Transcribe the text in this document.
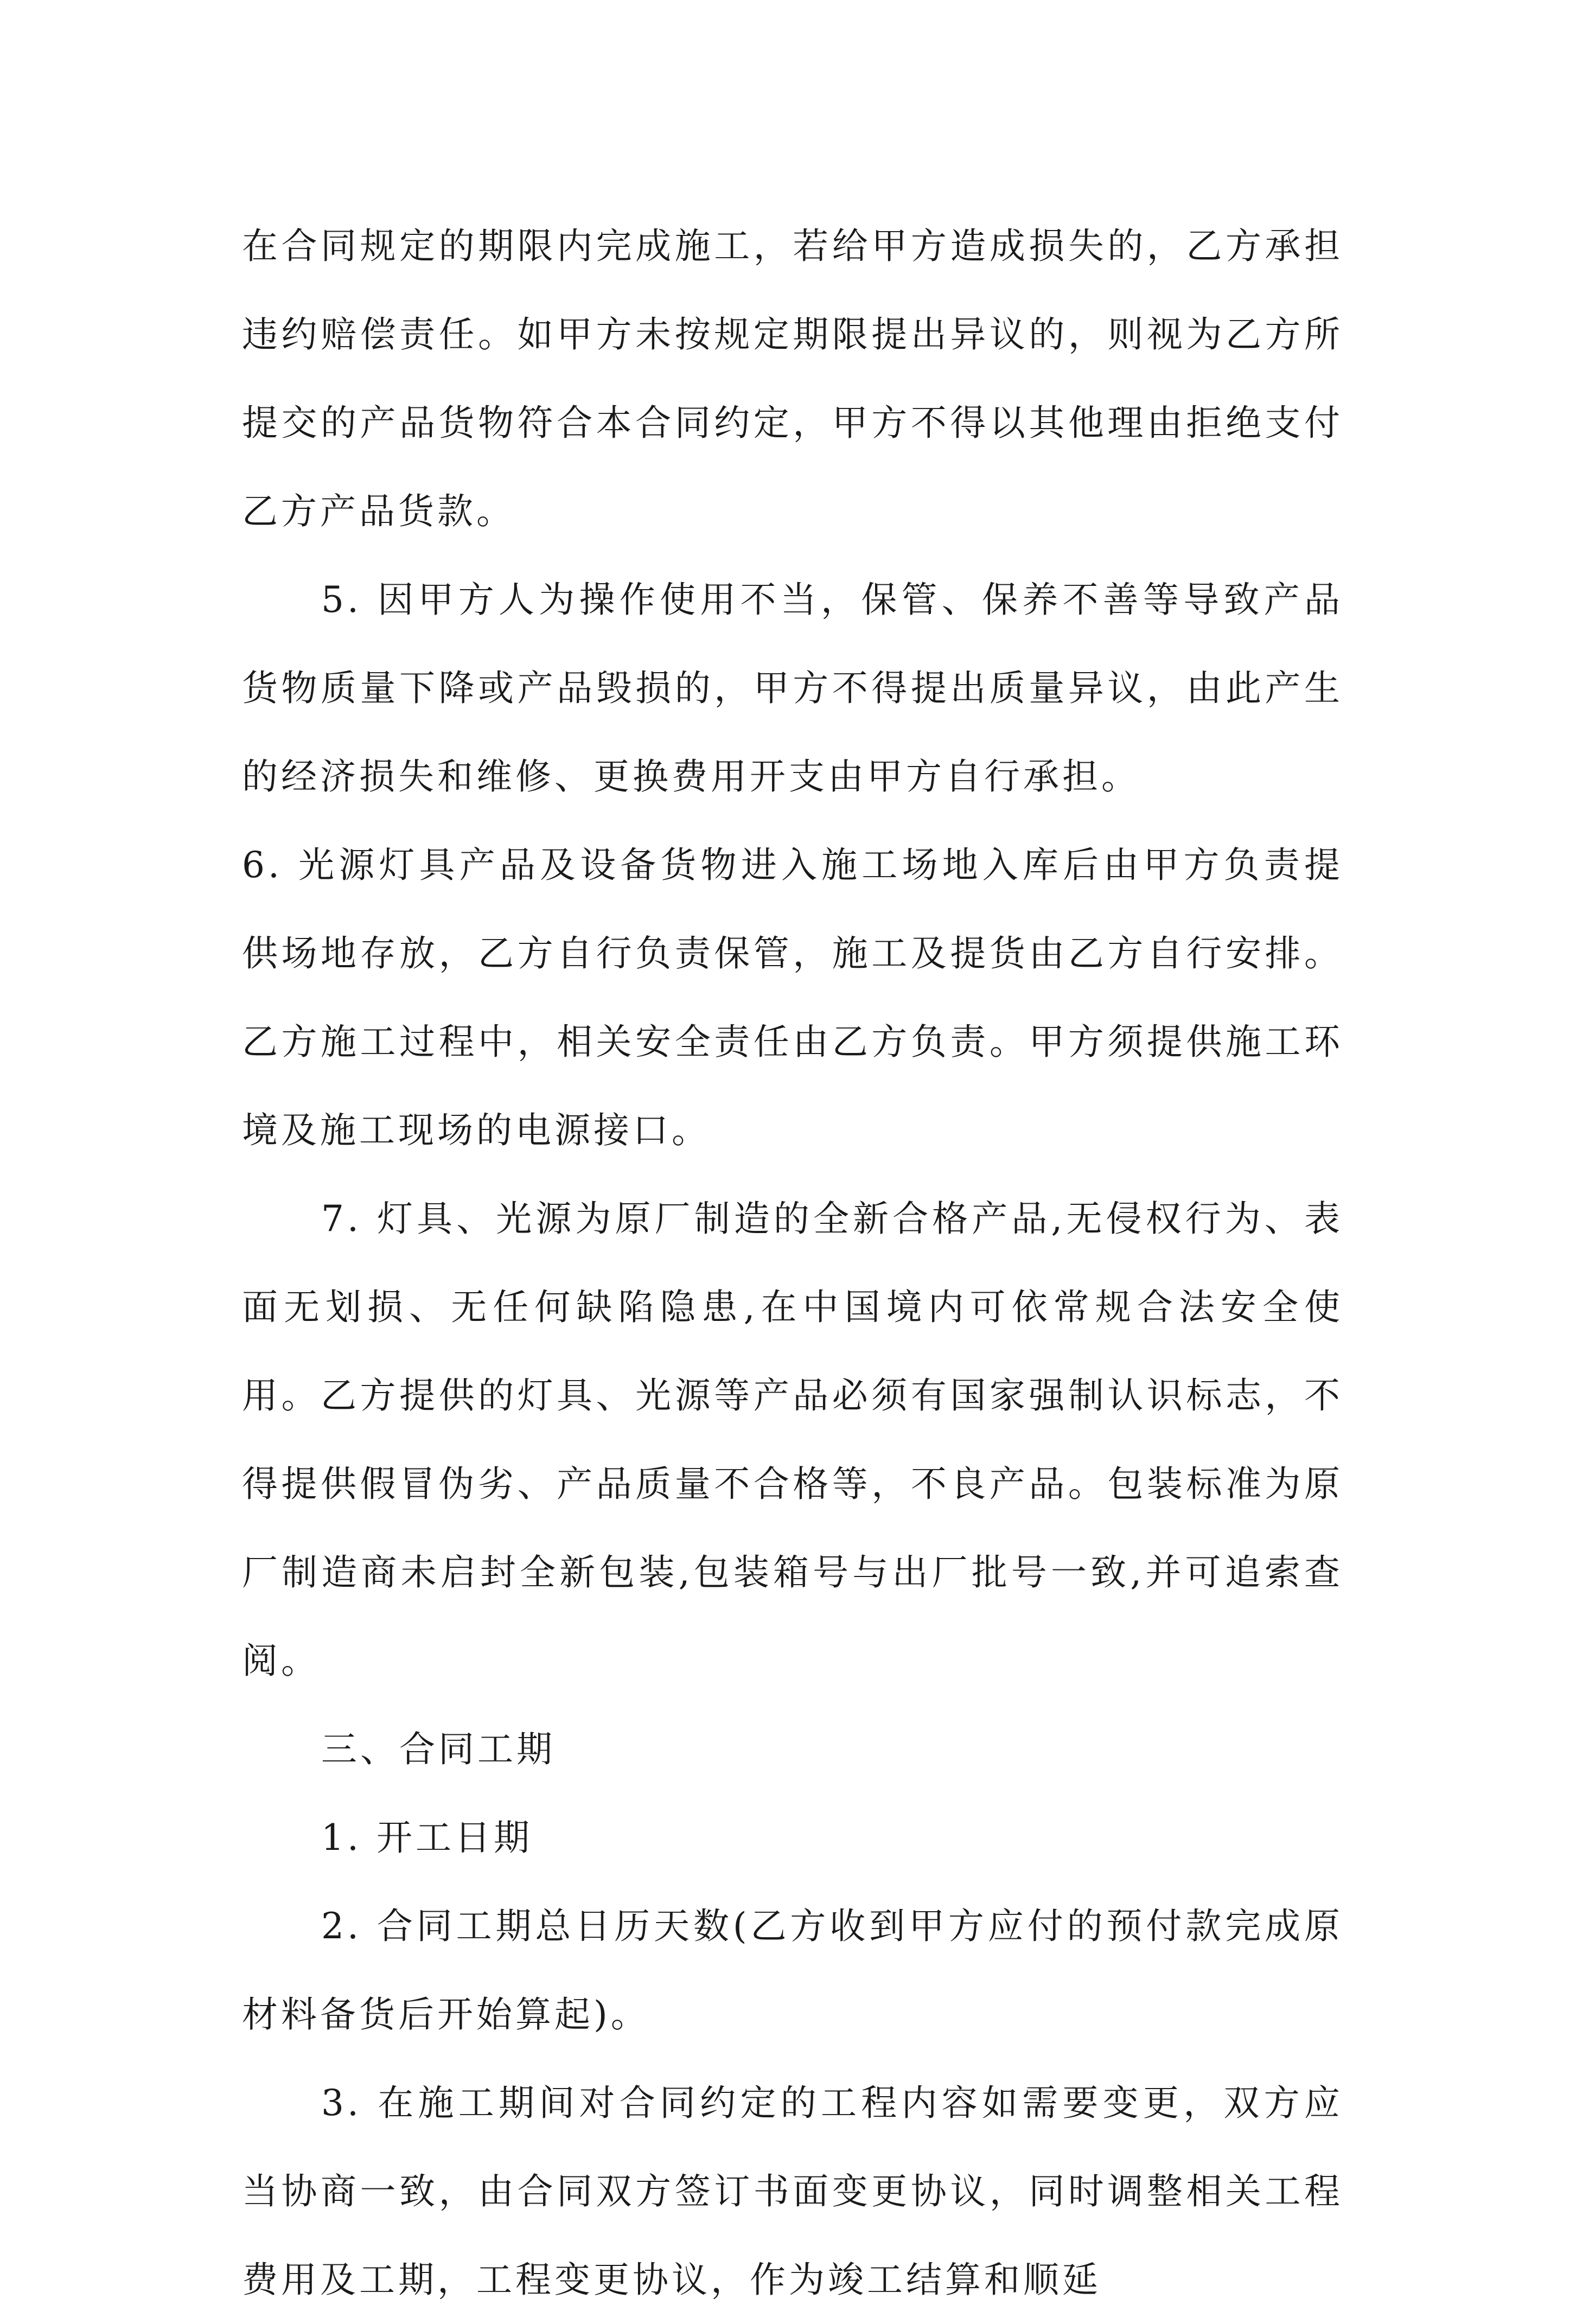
在合同规定的期限内完成施工，若给甲方造成损失的，乙方承担违约赔偿责任。如甲方未按规定期限提出异议的，则视为乙方所提交的产品货物符合本合同约定，甲方不得以其他理由拒绝支付乙方产品货款。

5. 因甲方人为操作使用不当，保管、保养不善等导致产品货物质量下降或产品毁损的，甲方不得提出质量异议，由此产生的经济损失和维修、更换费用开支由甲方自行承担。

6. 光源灯具产品及设备货物进入施工场地入库后由甲方负责提供场地存放，乙方自行负责保管，施工及提货由乙方自行安排。乙方施工过程中，相关安全责任由乙方负责。甲方须提供施工环境及施工现场的电源接口。

7. 灯具、光源为原厂制造的全新合格产品,无侵权行为、表面无划损、无任何缺陷隐患,在中国境内可依常规合法安全使用。乙方提供的灯具、光源等产品必须有国家强制认识标志，不得提供假冒伪劣、产品质量不合格等，不良产品。包装标准为原厂制造商未启封全新包装,包装箱号与出厂批号一致,并可追索查阅。

三、合同工期

1. 开工日期

2. 合同工期总日历天数(乙方收到甲方应付的预付款完成原材料备货后开始算起)。

3. 在施工期间对合同约定的工程内容如需要变更，双方应当协商一致，由合同双方签订书面变更协议，同时调整相关工程费用及工期，工程变更协议，作为竣工结算和顺延
